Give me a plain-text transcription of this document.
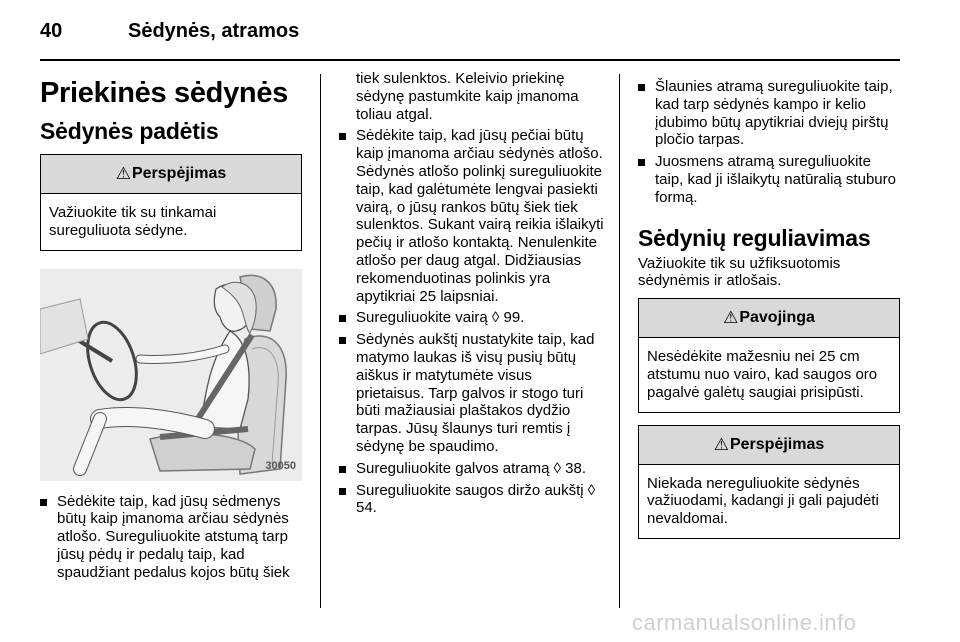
40	Sėdynės, atramos
Priekinės sėdynės
Sėdynės padėtis
⚠ Perspėjimas
Važiuokite tik su tinkamai sureguliuota sėdyne.
30050
Sėdėkite taip, kad jūsų sėdmenys būtų kaip įmanoma arčiau sėdynės atlošo. Sureguliuokite atstumą tarp jūsų pėdų ir pedalų taip, kad spaudžiant pedalus kojos būtų šiek

tiek sulenktos. Keleivio priekinę sėdynę pastumkite kaip įmanoma toliau atgal.

Sėdėkite taip, kad jūsų pečiai būtų kaip įmanoma arčiau sėdynės atlošo. Sėdynės atlošo polinkį sureguliuokite taip, kad galėtumėte lengvai pasiekti vairą, o jūsų rankos būtų šiek tiek sulenktos. Sukant vairą reikia išlaikyti pečių ir atlošo kontaktą. Nenulenkite atlošo per daug atgal. Didžiausias rekomenduotinas polinkis yra apytikriai 25 laipsniai.
Sureguliuokite vairą ◊ 99.
Sėdynės aukštį nustatykite taip, kad matymo laukas iš visų pusių būtų aiškus ir matytumėte visus prietaisus. Tarp galvos ir stogo turi būti mažiausiai plaštakos dydžio tarpas. Jūsų šlaunys turi remtis į sėdynę be spaudimo.
Sureguliuokite galvos atramą ◊ 38.
Sureguliuokite saugos diržo aukštį ◊ 54.
Šlaunies atramą sureguliuokite taip, kad tarp sėdynės kampo ir kelio įdubimo būtų apytikriai dviejų pirštų pločio tarpas.
Juosmens atramą sureguliuokite taip, kad ji išlaikytų natūralią stuburo formą.
Sėdynių reguliavimas

Važiuokite tik su užfiksuotomis sėdynėmis ir atlošais.

⚠ Pavojinga
Nesėdėkite mažesniu nei 25 cm atstumu nuo vairo, kad saugos oro pagalvė galėtų saugiai prisipūsti.
⚠ Perspėjimas
Niekada nereguliuokite sėdynės važiuodami, kadangi ji gali pajudėti nevaldomai.
carmanualsonline.info
